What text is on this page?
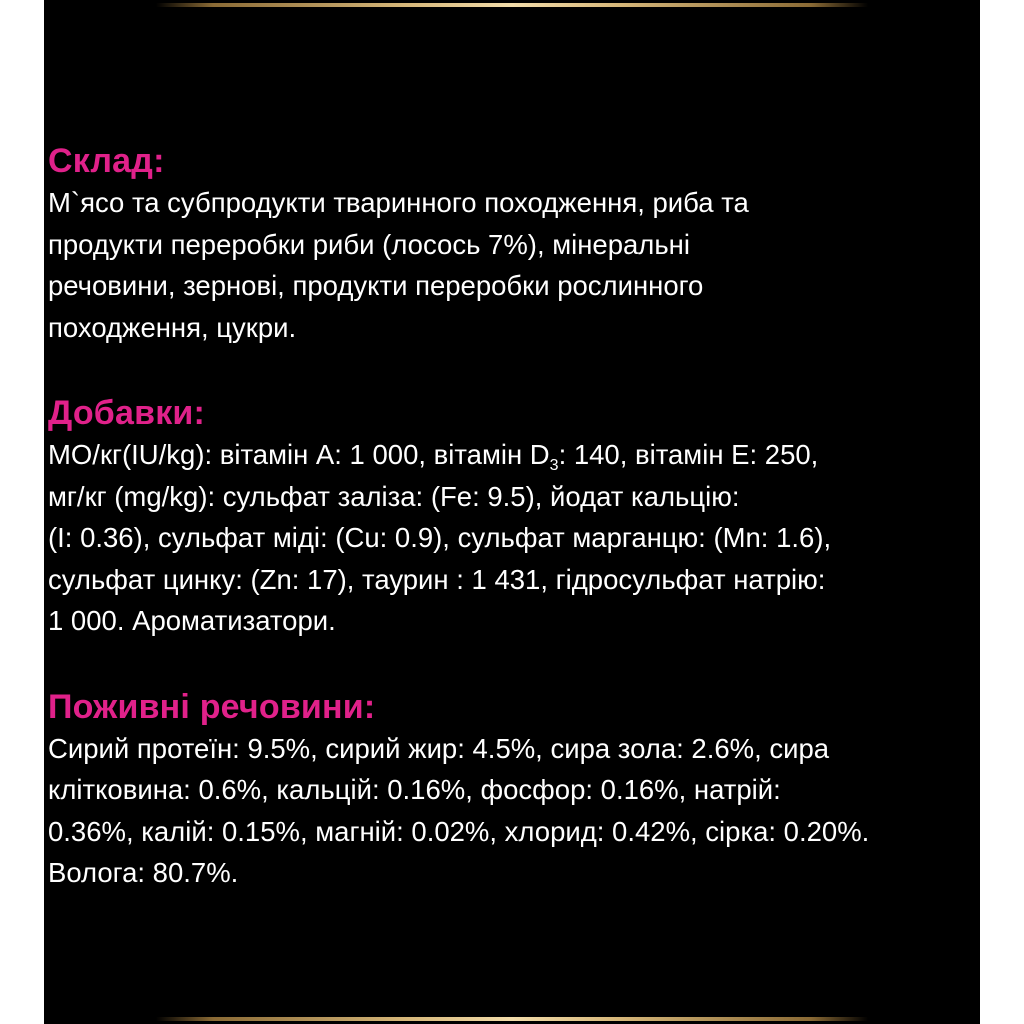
Склад:

М`ясо та субпродукти тваринного походження, риба та
продукти переробки риби (лосось 7%), мінеральні
речовини, зернові, продукти переробки рослинного
походження, цукри.

Добавки:

МО/кг(IU/kg): вітамін А: 1 000, вітамін $D_3$: 140, вітамін Е: 250,
мг/кг (mg/kg): сульфат заліза: (Fe: 9.5), йодат кальцію:
(I: 0.36), сульфат міді: (Cu: 0.9), сульфат марганцю: (Mn: 1.6),
сульфат цинку: (Zn: 17), таурин : 1 431, гідросульфат натрію:
1 000. Ароматизатори.

Поживні речовини:

Сирий протеїн: 9.5%, сирий жир: 4.5%, сира зола: 2.6%, сира
клітковина: 0.6%, кальцій: 0.16%, фосфор: 0.16%, натрій:
0.36%, калій: 0.15%, магній: 0.02%, хлорид: 0.42%, сірка: 0.20%.
Волога: 80.7%.
